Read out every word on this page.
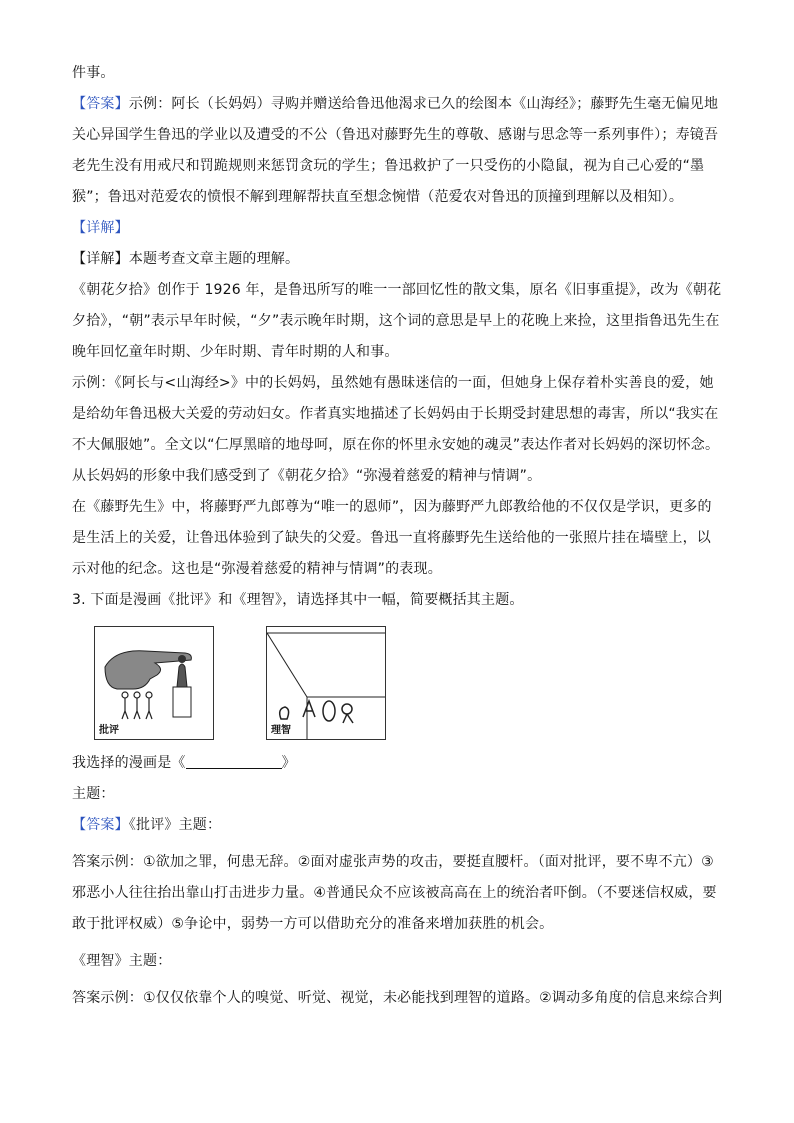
件事。

【答案】示例：阿长（长妈妈）寻购并赠送给鲁迅他渴求已久的绘图本《山海经》；藤野先生毫无偏见地关心异国学生鲁迅的学业以及遭受的不公（鲁迅对藤野先生的尊敬、感谢与思念等一系列事件）；寿镜吾老先生没有用戒尺和罚跪规则来惩罚贪玩的学生；鲁迅救护了一只受伤的小隐鼠，视为自己心爱的“墨猴”；鲁迅对范爱农的愤恨不解到理解帮扶直至想念惋惜（范爱农对鲁迅的顶撞到理解以及相知）。

【详解】

【详解】本题考查文章主题的理解。

《朝花夕拾》创作于 1926 年，是鲁迅所写的唯一一部回忆性的散文集，原名《旧事重提》，改为《朝花夕拾》，“朝”表示早年时候，“夕”表示晚年时期，这个词的意思是早上的花晚上来捡，这里指鲁迅先生在晚年回忆童年时期、少年时期、青年时期的人和事。

示例：《阿长与<山海经>》中的长妈妈，虽然她有愚昧迷信的一面，但她身上保存着朴实善良的爱，她是给幼年鲁迅极大关爱的劳动妇女。作者真实地描述了长妈妈由于长期受封建思想的毒害，所以“我实在不大佩服她”。全文以“仁厚黑暗的地母呵，原在你的怀里永安她的魂灵”表达作者对长妈妈的深切怀念。从长妈妈的形象中我们感受到了《朝花夕拾》“弥漫着慈爱的精神与情调”。

在《藤野先生》中，将藤野严九郎尊为“唯一的恩师”，因为藤野严九郎教给他的不仅仅是学识，更多的是生活上的关爱，让鲁迅体验到了缺失的父爱。鲁迅一直将藤野先生送给他的一张照片挂在墙壁上，以示对他的纪念。这也是“弥漫着慈爱的精神与情调”的表现。

3. 下面是漫画《批评》和《理智》，请选择其中一幅，简要概括其主题。

批评	理智

我选择的漫画是《	》

主题：

【答案】《批评》主题：

答案示例：①欲加之罪，何患无辞。②面对虚张声势的攻击，要挺直腰杆。（面对批评，要不卑不亢）③邪恶小人往往抬出靠山打击进步力量。④普通民众不应该被高高在上的统治者吓倒。（不要迷信权威，要敢于批评权威）⑤争论中，弱势一方可以借助充分的准备来增加获胜的机会。

《理智》主题：

答案示例：①仅仅依靠个人的嗅觉、听觉、视觉，未必能找到理智的道路。②调动多角度的信息来综合判
